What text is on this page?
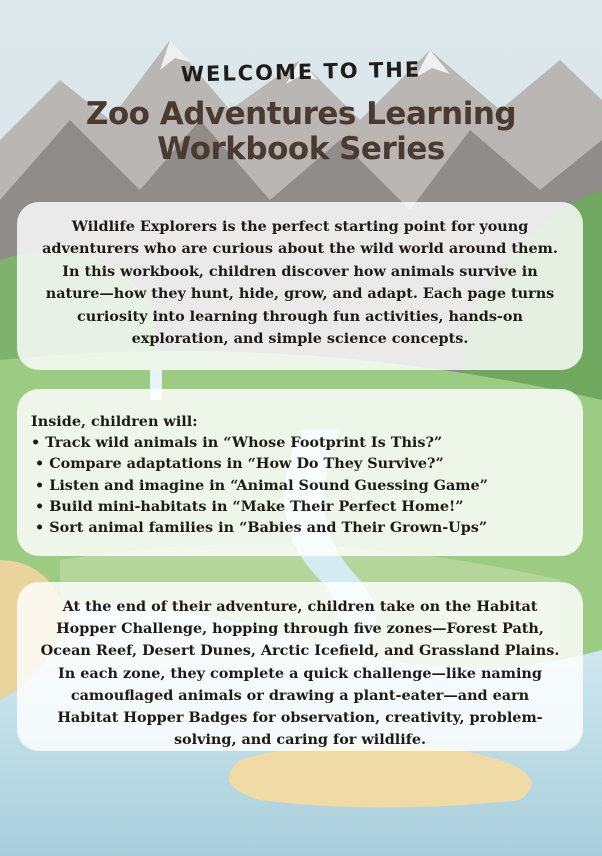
WELCOME TO THE
Zoo Adventures Learning
Workbook Series
Wildlife Explorers is the perfect starting point for young adventurers who are curious about the wild world around them. In this workbook, children discover how animals survive in nature—how they hunt, hide, grow, and adapt. Each page turns curiosity into learning through fun activities, hands-on exploration, and simple science concepts.
Inside, children will:
• Track wild animals in “Whose Footprint Is This?”
• Compare adaptations in “How Do They Survive?”
• Listen and imagine in “Animal Sound Guessing Game”
• Build mini-habitats in “Make Their Perfect Home!”
• Sort animal families in “Babies and Their Grown-Ups”
At the end of their adventure, children take on the Habitat Hopper Challenge, hopping through five zones—Forest Path, Ocean Reef, Desert Dunes, Arctic Icefield, and Grassland Plains. In each zone, they complete a quick challenge—like naming camouflaged animals or drawing a plant-eater—and earn Habitat Hopper Badges for observation, creativity, problem-solving, and caring for wildlife.
